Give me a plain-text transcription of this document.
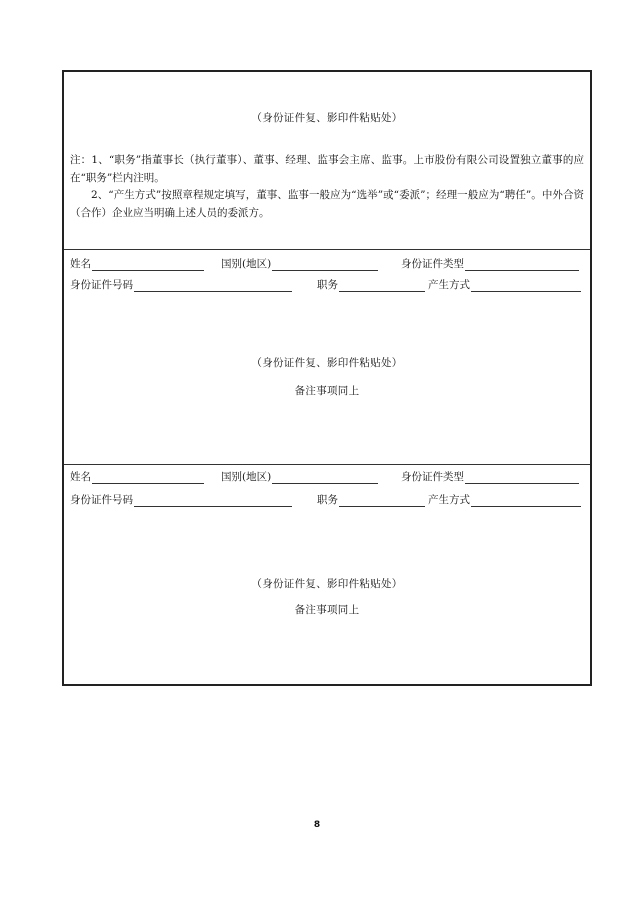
（身份证件复、影印件粘贴处）

注：1、“职务”指董事长（执行董事）、董事、经理、监事会主席、监事。上市股份有限公司设置独立董事的应在“职务”栏内注明。

2、“产生方式”按照章程规定填写，董事、监事一般应为“选举”或“委派”；经理一般应为“聘任”。中外合资（合作）企业应当明确上述人员的委派方。

姓名	国别(地区)	身份证件类型
身份证件号码	职务	产生方式
（身份证件复、影印件粘贴处）
备注事项同上
姓名	国别(地区)	身份证件类型
身份证件号码	职务	产生方式
（身份证件复、影印件粘贴处）
备注事项同上
8
